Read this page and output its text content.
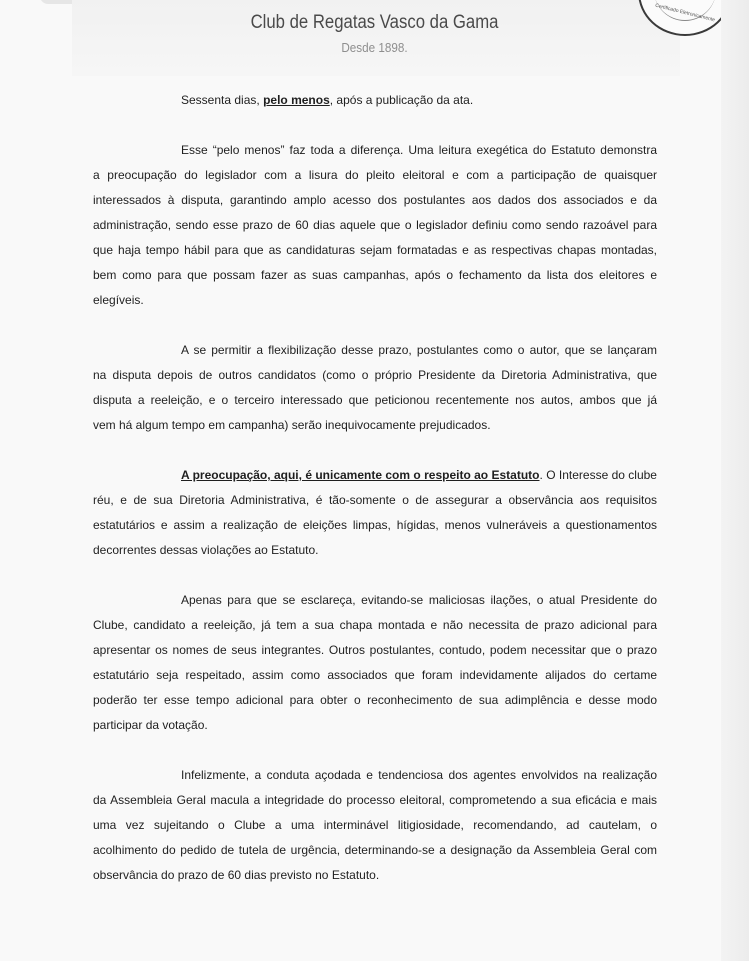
Club de Regatas Vasco da Gama
Desde 1898.
Certificado Eletronicamente
Sessenta dias, pelo menos, após a publicação da ata.
Esse “pelo menos” faz toda a diferença. Uma leitura exegética do Estatuto demonstra
a preocupação do legislador com a lisura do pleito eleitoral e com a participação de quaisquer
interessados à disputa, garantindo amplo acesso dos postulantes aos dados dos associados e da
administração, sendo esse prazo de 60 dias aquele que o legislador definiu como sendo razoável para
que haja tempo hábil para que as candidaturas sejam formatadas e as respectivas chapas montadas,
bem como para que possam fazer as suas campanhas, após o fechamento da lista dos eleitores e
elegíveis.
A se permitir a flexibilização desse prazo, postulantes como o autor, que se lançaram
na disputa depois de outros candidatos (como o próprio Presidente da Diretoria Administrativa, que
disputa a reeleição, e o terceiro interessado que peticionou recentemente nos autos, ambos que já
vem há algum tempo em campanha) serão inequivocamente prejudicados.
A preocupação, aqui, é unicamente com o respeito ao Estatuto. O Interesse do clube
réu, e de sua Diretoria Administrativa, é tão-somente o de assegurar a observância aos requisitos
estatutários e assim a realização de eleições limpas, hígidas, menos vulneráveis a questionamentos
decorrentes dessas violações ao Estatuto.
Apenas para que se esclareça, evitando-se maliciosas ilações, o atual Presidente do
Clube, candidato a reeleição, já tem a sua chapa montada e não necessita de prazo adicional para
apresentar os nomes de seus integrantes. Outros postulantes, contudo, podem necessitar que o prazo
estatutário seja respeitado, assim como associados que foram indevidamente alijados do certame
poderão ter esse tempo adicional para obter o reconhecimento de sua adimplência e desse modo
participar da votação.
Infelizmente, a conduta açodada e tendenciosa dos agentes envolvidos na realização
da Assembleia Geral macula a integridade do processo eleitoral, comprometendo a sua eficácia e mais
uma vez sujeitando o Clube a uma interminável litigiosidade, recomendando, ad cautelam, o
acolhimento do pedido de tutela de urgência, determinando-se a designação da Assembleia Geral com
observância do prazo de 60 dias previsto no Estatuto.
